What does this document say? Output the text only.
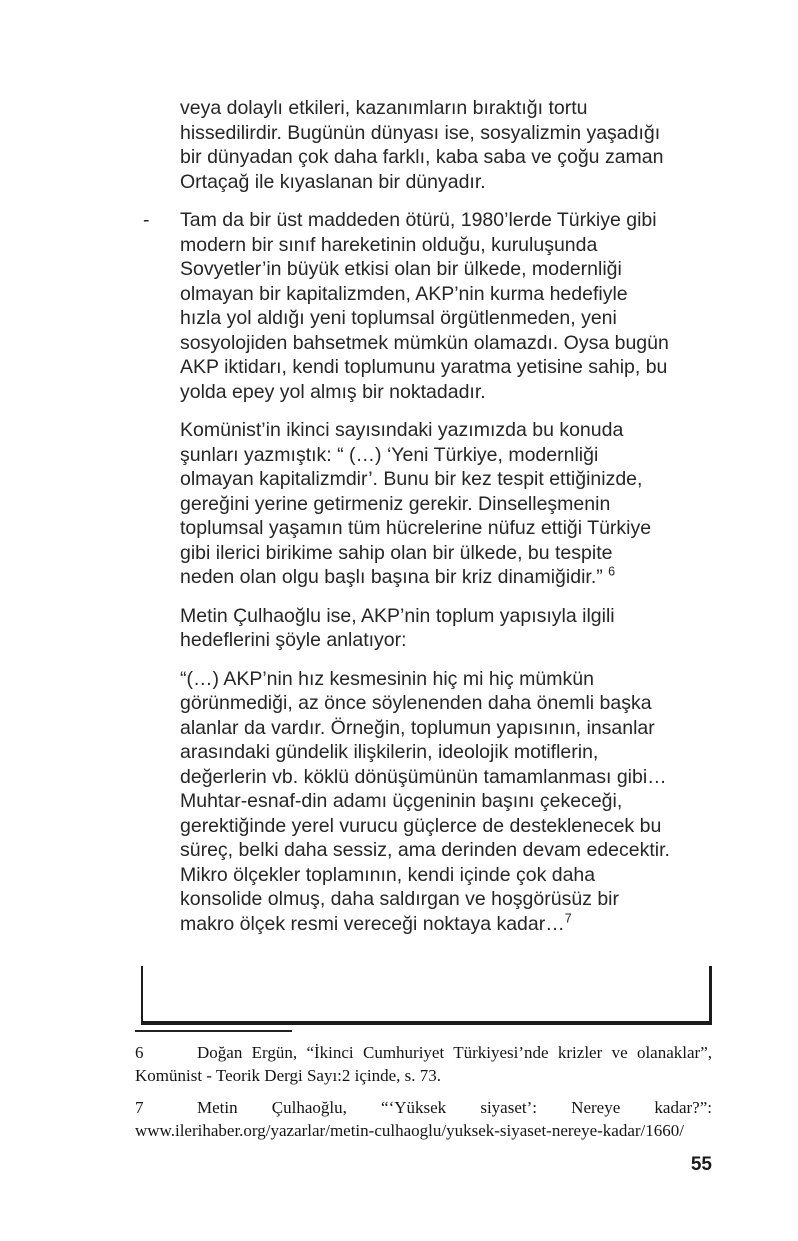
veya dolaylı etkileri, kazanımların bıraktığı tortu hissedilirdir. Bugünün dünyası ise, sosyalizmin yaşadığı bir dünyadan çok daha farklı, kaba saba ve çoğu zaman Ortaçağ ile kıyaslanan bir dünyadır.

- Tam da bir üst maddeden ötürü, 1980’lerde Türkiye gibi modern bir sınıf hareketinin olduğu, kuruluşunda Sovyetler’in büyük etkisi olan bir ülkede, modernliği olmayan bir kapitalizmden, AKP’nin kurma hedefiyle hızla yol aldığı yeni toplumsal örgütlenmeden, yeni sosyolojiden bahsetmek mümkün olamazdı. Oysa bugün AKP iktidarı, kendi toplumunu yaratma yetisine sahip, bu yolda epey yol almış bir noktadadır.

Komünist’in ikinci sayısındaki yazımızda bu konuda şunları yazmıştık: “ (…) ‘Yeni Türkiye, modernliği olmayan kapitalizmdir’. Bunu bir kez tespit ettiğinizde, gereğini yerine getirmeniz gerekir. Dinselleşmenin toplumsal yaşamın tüm hücrelerine nüfuz ettiği Türkiye gibi ilerici birikime sahip olan bir ülkede, bu tespite neden olan olgu başlı başına bir kriz dinamiğidir.” $^6$

Metin Çulhaoğlu ise, AKP’nin toplum yapısıyla ilgili hedeflerini şöyle anlatıyor:

“(…) AKP’nin hız kesmesinin hiç mi hiç mümkün görünmediği, az önce söylenenden daha önemli başka alanlar da vardır. Örneğin, toplumun yapısının, insanlar arasındaki gündelik ilişkilerin, ideolojik motiflerin, değerlerin vb. köklü dönüşümünün tamamlanması gibi… Muhtar-esnaf-din adamı üçgeninin başını çekeceği, gerektiğinde yerel vurucu güçlerce de desteklenecek bu süreç, belki daha sessiz, ama derinden devam edecektir. Mikro ölçekler toplamının, kendi içinde çok daha konsolide olmuş, daha saldırgan ve hoşgörüsüz bir makro ölçek resmi vereceği noktaya kadar…$^7$

6	Doğan Ergün, “İkinci Cumhuriyet Türkiyesi’nde krizler ve olanaklar”, Komünist - Teorik Dergi Sayı:2 içinde, s. 73.

7	Metin Çulhaoğlu, “‘Yüksek siyaset’: Nereye kadar?”: www.ilerihaber.org/yazarlar/metin-culhaoglu/yuksek-siyaset-nereye-kadar/1660/

55
